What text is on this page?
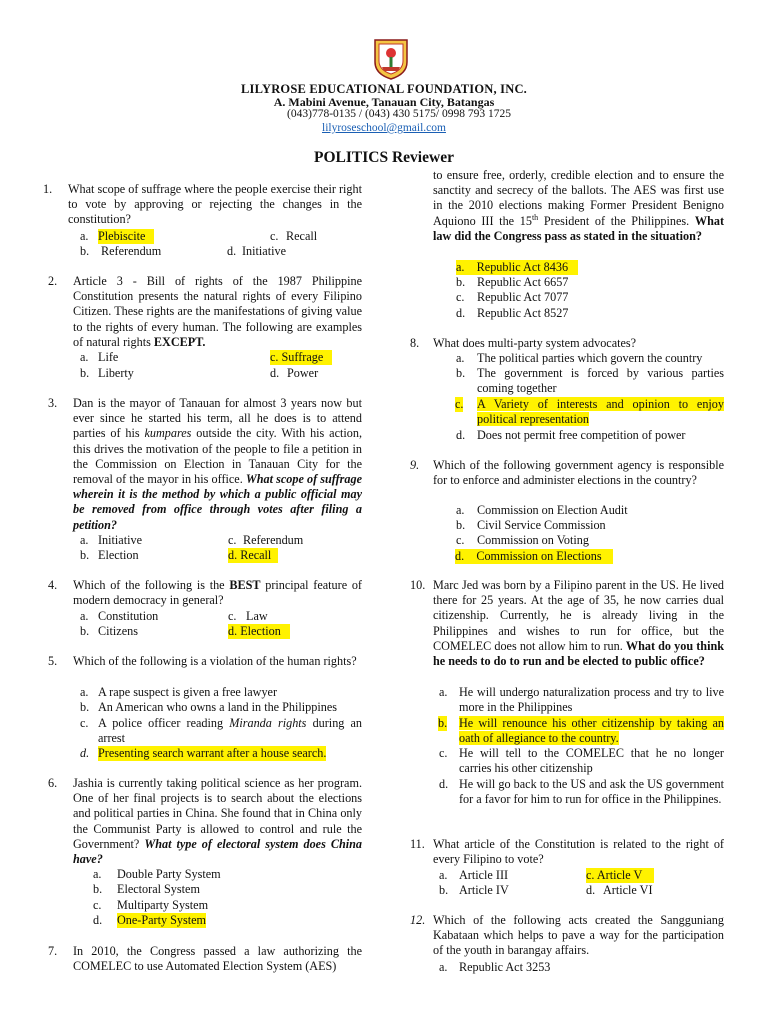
LILYROSE EDUCATIONAL FOUNDATION, INC.
A. Mabini Avenue, Tanauan City, Batangas
(043)778-0135 / (043) 430 5175/ 0998 793 1725
lilyroseschool@gmail.com
POLITICS Reviewer
1. What scope of suffrage where the people exercise their right to vote by approving or rejecting the changes in the constitution?
a. Plebiscite
b. Referendum
c. Recall
d. Initiative
2. Article 3 - Bill of rights of the 1987 Philippine Constitution presents the natural rights of every Filipino Citizen. These rights are the manifestations of giving value to the rights of every human. The following are examples of natural rights EXCEPT.
a. Life
b. Liberty
c. Suffrage
d. Power
3. Dan is the mayor of Tanauan for almost 3 years now but ever since he started his term, all he does is to attend parties of his kumpares outside the city. With his action, this drives the motivation of the people to file a petition in the Commission on Election in Tanauan City for the removal of the mayor in his office. What scope of suffrage wherein it is the method by which a public official may be removed from office through votes after filing a petition?
a. Initiative
b. Election
c. Referendum
d. Recall
4. Which of the following is the BEST principal feature of modern democracy in general?
a. Constitution
b. Citizens
c. Law
d. Election
5. Which of the following is a violation of the human rights?
a. A rape suspect is given a free lawyer
b. An American who owns a land in the Philippines
c. A police officer reading Miranda rights during an arrest
d. Presenting search warrant after a house search.
6. Jashia is currently taking political science as her program. One of her final projects is to search about the elections and political parties in China. She found that in China only the Communist Party is allowed to control and rule the Government? What type of electoral system does China have?
a. Double Party System
b. Electoral System
c. Multiparty System
d. One-Party System
7. In 2010, the Congress passed a law authorizing the COMELEC to use Automated Election System (AES)
to ensure free, orderly, credible election and to ensure the sanctity and secrecy of the ballots. The AES was first use in the 2010 elections making Former President Benigno Aquiono III the 15th President of the Philippines. What law did the Congress pass as stated in the situation?
a.    Republic Act 8436
b. Republic Act 6657
c. Republic Act 7077
d. Republic Act 8527
8. What does multi-party system advocates?
a. The political parties which govern the country
b. The government is forced by various parties coming together
c. A Variety of interests and opinion to enjoy political representation
d. Does not permit free competition of power
9. Which of the following government agency is responsible for to enforce and administer elections in the country?
a. Commission on Election Audit
b. Civil Service Commission
c. Commission on Voting
d.    Commission on Elections
10. Marc Jed was born by a Filipino parent in the US. He lived there for 25 years. At the age of 35, he now carries dual citizenship. Currently, he is already living in the Philippines and wishes to run for office, but the COMELEC does not allow him to run. What do you think he needs to do to run and be elected to public office?
a. He will undergo naturalization process and try to live more in the Philippines
b. He will renounce his other citizenship by taking an oath of allegiance to the country.
c. He will tell to the COMELEC that he no longer carries his other citizenship
d. He will go back to the US and ask the US government for a favor for him to run for office in the Philippines.
11. What article of the Constitution is related to the right of every Filipino to vote?
a. Article III
b. Article IV
c. Article V
d. Article VI
12. Which of the following acts created the Sangguniang Kabataan which helps to pave a way for the participation of the youth in barangay affairs.
a. Republic Act 3253
